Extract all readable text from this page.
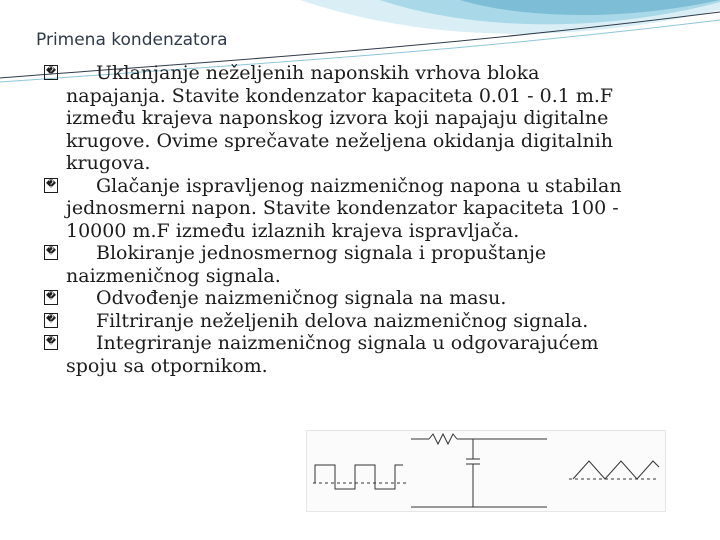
Primena kondenzatora
�	Uklanjanje neželjenih naponskih vrhova bloka
napajanja. Stavite kondenzator kapaciteta 0.01 - 0.1 m.F između krajeva naponskog izvora koji napajaju digitalne krugove. Ovime sprečavate neželjena okidanja digitalnih krugova.
�	Glačanje ispravljenog naizmeničnog napona u stabilan
jednosmerni napon. Stavite kondenzator kapaciteta 100 - 10000 m.F između izlaznih krajeva ispravljača.
�	Blokiranje jednosmernog signala i propuštanje
naizmeničnog signala.
�	Odvođenje naizmeničnog signala na masu.
�	Filtriranje neželjenih delova naizmeničnog signala.
�	Integriranje naizmeničnog signala u odgovarajućem
spoju sa otpornikom.
